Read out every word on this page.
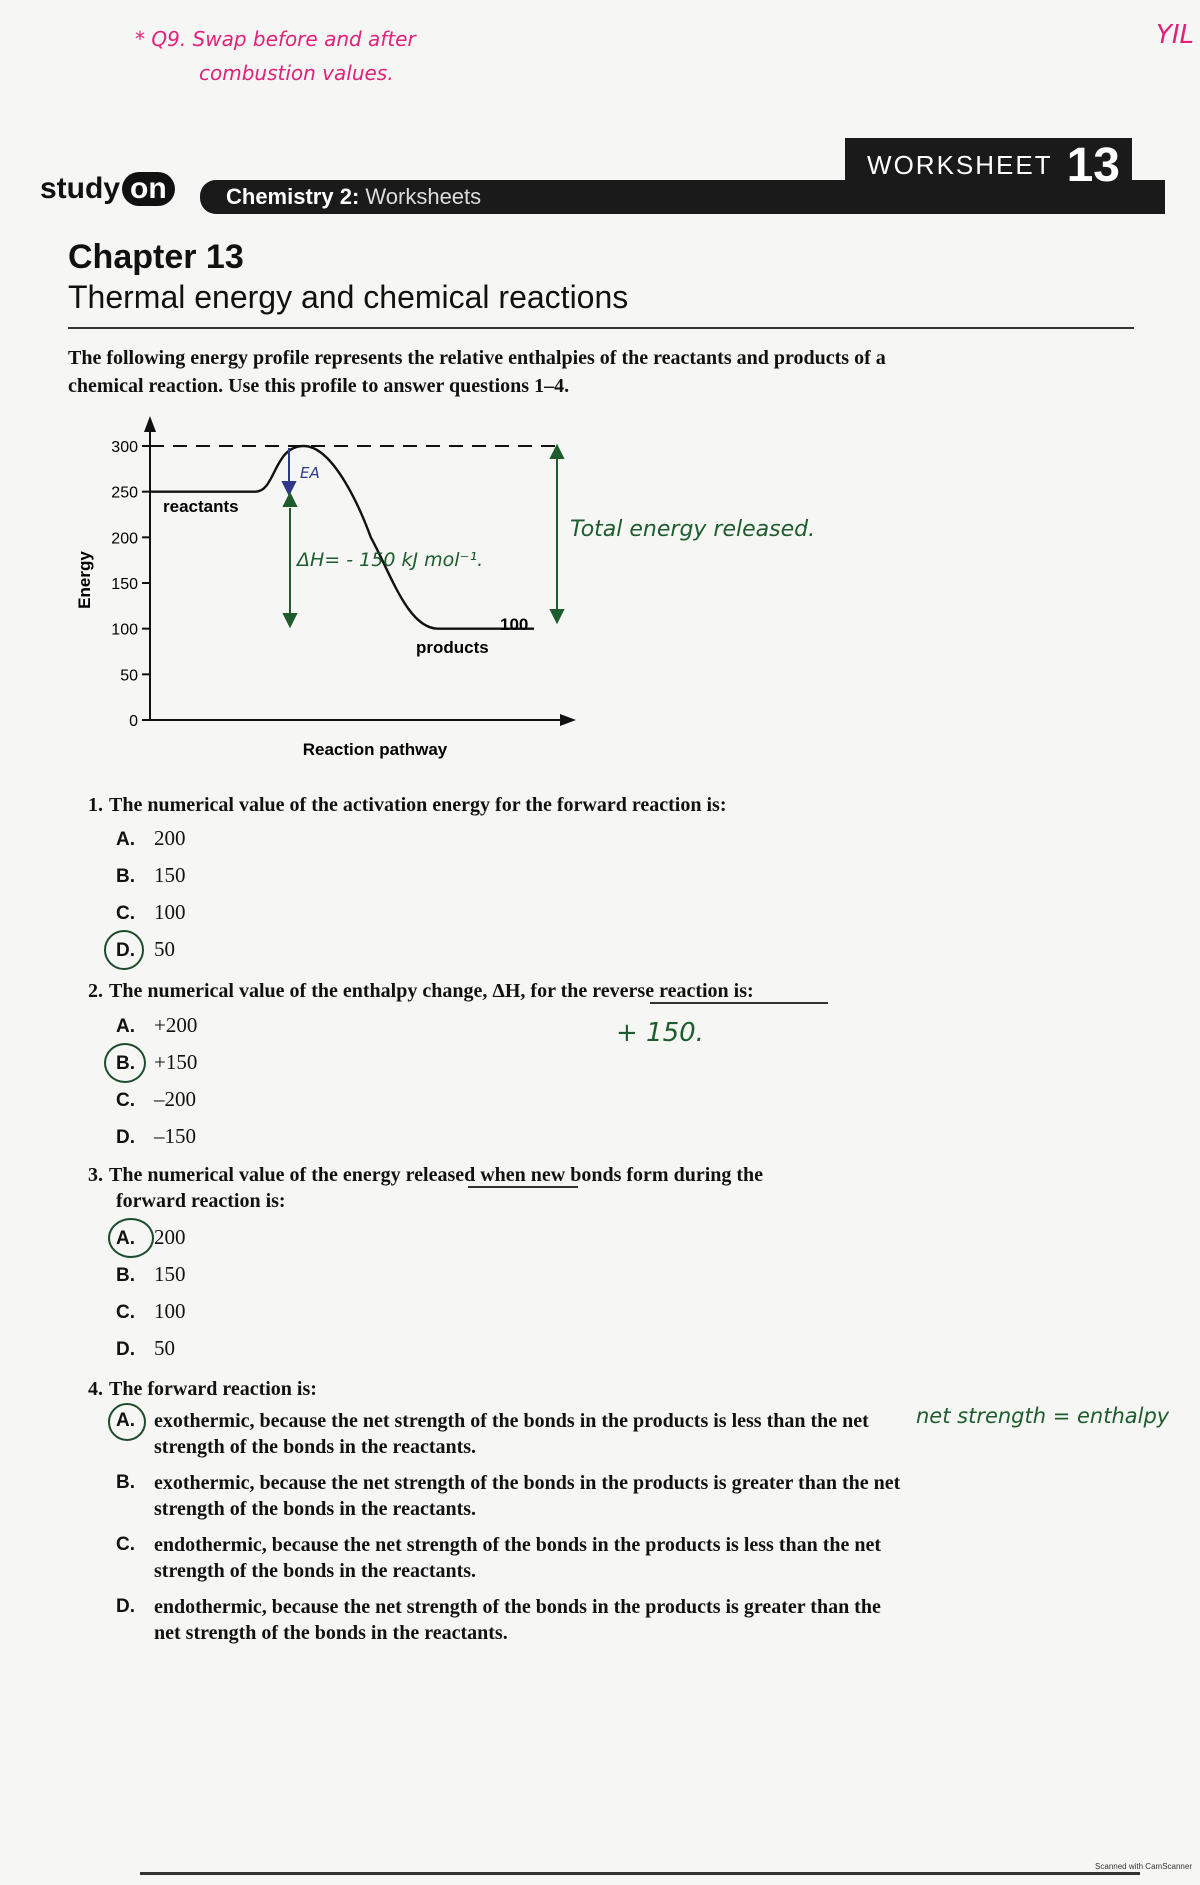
* Q9. Swap before and after
combustion values.
YIL
Chemistry 2: Worksheets
study on
WORKSHEET 13
Chapter 13
Thermal energy and chemical reactions
The following energy profile represents the relative enthalpies of the reactants and products of a chemical reaction. Use this profile to answer questions 1–4.
0
50
100
150
200
250
300
Energy
Reaction pathway
reactants
products
100
EA
ΔH= - 150 kJ mol⁻¹.
Total energy released.
1. The numerical value of the activation energy for the forward reaction is:
A. 200
B. 150
C. 100
D. 50
2. The numerical value of the enthalpy change, ΔH, for the reverse reaction is:
A. +200
B. +150
C. –200
D. –150
+ 150.
3. The numerical value of the energy released when new bonds form during the
forward reaction is:
A. 200
B. 150
C. 100
D. 50
4. The forward reaction is:
A. exothermic, because the net strength of the bonds in the products is less than the net strength of the bonds in the reactants.
B. exothermic, because the net strength of the bonds in the products is greater than the net strength of the bonds in the reactants.
C. endothermic, because the net strength of the bonds in the products is less than the net strength of the bonds in the reactants.
D. endothermic, because the net strength of the bonds in the products is greater than the net strength of the bonds in the reactants.
net strength = enthalpy
Scanned with CamScanner
